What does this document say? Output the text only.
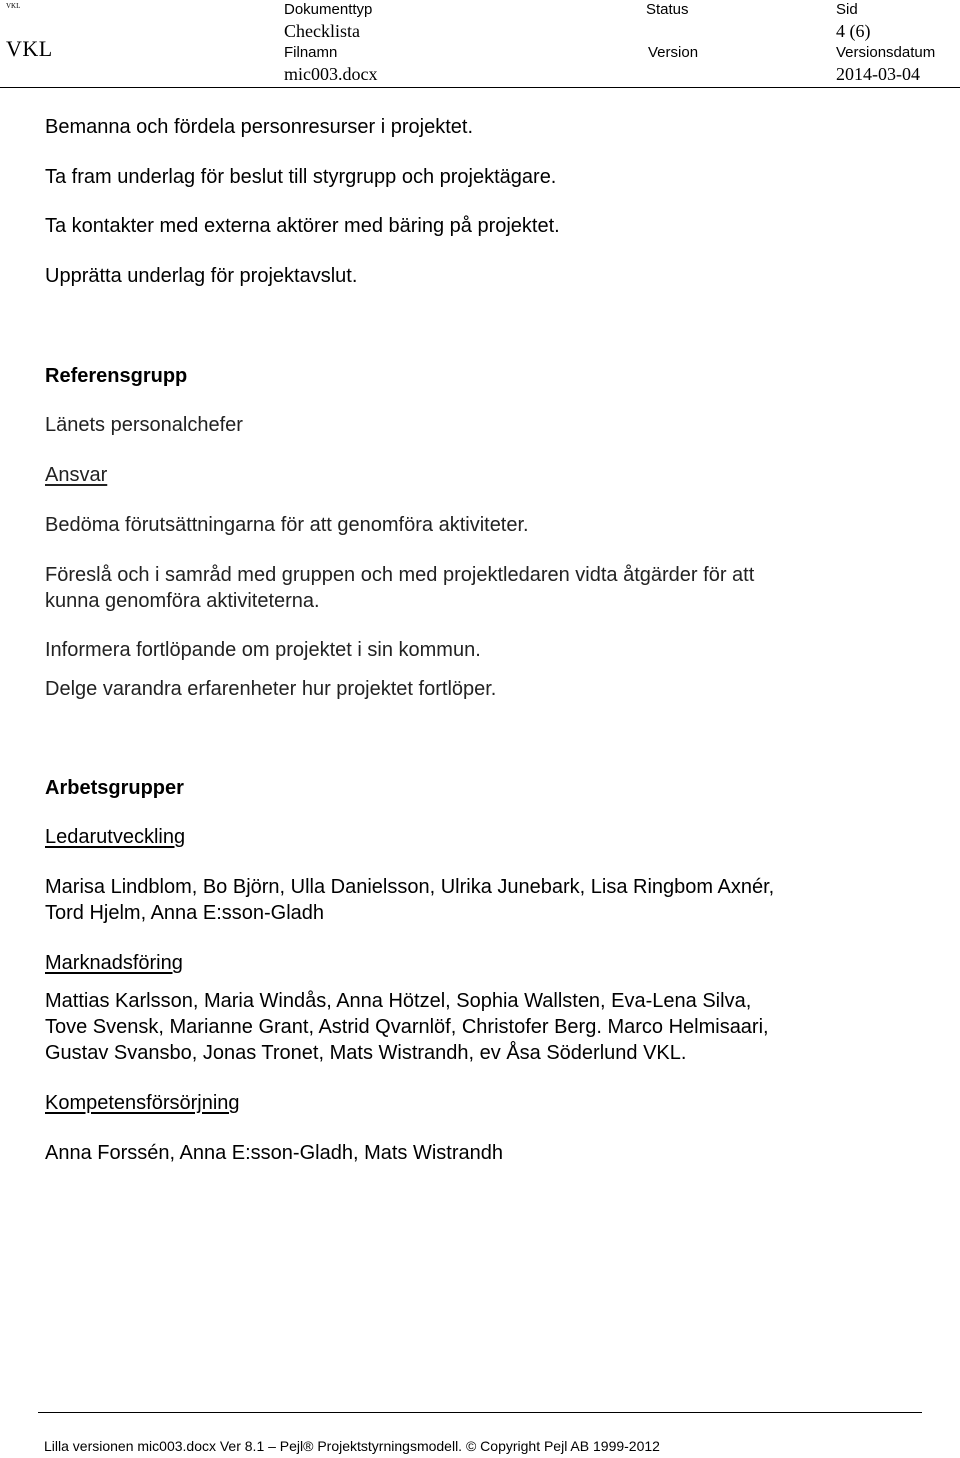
VKL
VKL
Dokumenttyp
Checklista
Status	Sid
4 (6)
Filnamn
mic003.docx
Version	Versionsdatum
2014-03-04
Bemanna och fördela personresurser i projektet.
Ta fram underlag för beslut till styrgrupp och projektägare.
Ta kontakter med externa aktörer med bäring på projektet.
Upprätta underlag för projektavslut.
Referensgrupp
Länets personalchefer
Ansvar
Bedöma förutsättningarna för att genomföra aktiviteter.
Föreslå och i samråd med gruppen och med projektledaren vidta åtgärder för att
kunna genomföra aktiviteterna.
Informera fortlöpande om projektet i sin kommun.
Delge varandra erfarenheter hur projektet fortlöper.
Arbetsgrupper
Ledarutveckling
Marisa Lindblom, Bo Björn, Ulla Danielsson, Ulrika Junebark, Lisa Ringbom Axnér,
Tord Hjelm, Anna E:sson-Gladh
Marknadsföring
Mattias Karlsson, Maria Windås, Anna Hötzel, Sophia Wallsten, Eva-Lena Silva,
Tove Svensk, Marianne Grant, Astrid Qvarnlöf, Christofer Berg. Marco Helmisaari,
Gustav Svansbo, Jonas Tronet, Mats Wistrandh, ev Åsa Söderlund VKL.
Kompetensförsörjning
Anna Forssén, Anna E:sson-Gladh, Mats Wistrandh
Lilla versionen mic003.docx Ver 8.1 – Pejl® Projektstyrningsmodell. © Copyright Pejl AB 1999-2012
